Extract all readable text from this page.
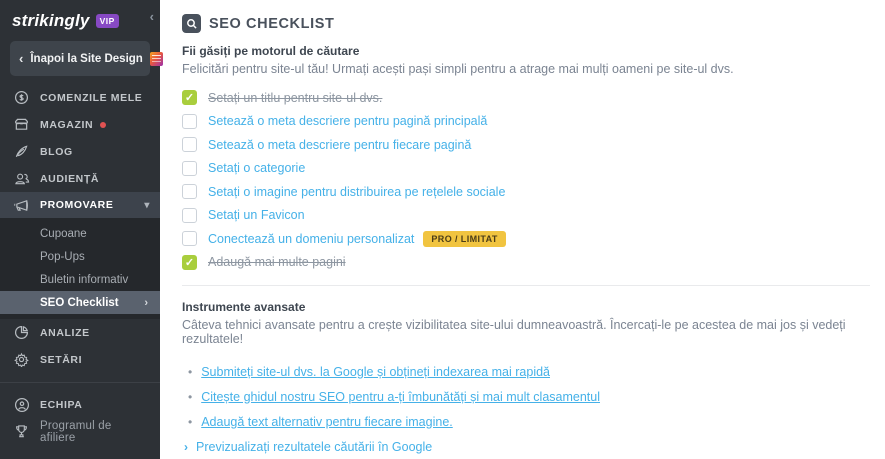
strikingly	VIP	‹
‹ Înapoi la Site Design
COMENZILE MELE
MAGAZIN
BLOG
AUDIENȚĂ
PROMOVARE	▾
Cupoane
Pop-Ups
Buletin informativ
SEO Checklist ›
ANALIZE
SETĂRI
ECHIPA
Programul de afiliere
SEO CHECKLIST
Fii găsiți pe motorul de căutare
Felicitări pentru site-ul tău! Urmați acești pași simpli pentru a atrage mai mulți oameni pe site-ul dvs.
✓
Setați un titlu pentru site-ul dvs.
Setează o meta descriere pentru pagină principală
Setează o meta descriere pentru fiecare pagină
Setați o categorie
Setați o imagine pentru distribuirea pe rețelele sociale
Setați un Favicon
Conectează un domeniu personalizat	PRO / LIMITAT
✓
Adaugă mai multe pagini
Instrumente avansate
Câteva tehnici avansate pentru a crește vizibilitatea site-ului dumneavoastră. Încercați-le pe acestea de mai jos și vedeți rezultatele!
• Submiteți site-ul dvs. la Google și obțineți indexarea mai rapidă
• Citește ghidul nostru SEO pentru a-ți îmbunătăți și mai mult clasamentul
• Adaugă text alternativ pentru fiecare imagine.
› Previzualizați rezultatele căutării în Google
